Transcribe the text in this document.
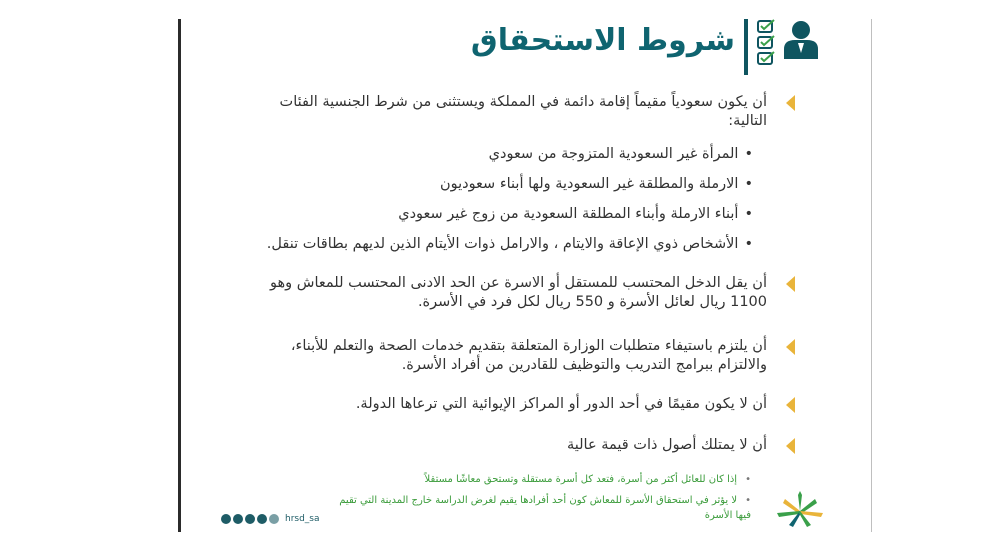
شروط الاستحقاق
أن يكون سعودياً مقيماً إقامة دائمة في المملكة ويستثنى من شرط الجنسية الفئات التالية:
•المرأة غير السعودية المتزوجة من سعودي
•الارملة والمطلقة غير السعودية ولها أبناء سعوديون
•أبناء الارملة وأبناء المطلقة السعودية من زوج غير سعودي
•الأشخاص ذوي الإعاقة والايتام ، والارامل ذوات الأيتام الذين لديهم بطاقات تنقل.
أن يقل الدخل المحتسب للمستقل أو الاسرة عن الحد الادنى المحتسب للمعاش وهو 1100 ريال لعائل الأسرة و 550 ريال لكل فرد في الأسرة.
أن يلتزم باستيفاء متطلبات الوزارة المتعلقة بتقديم خدمات الصحة والتعلم للأبناء، والالتزام ببرامج التدريب والتوظيف للقادرين من أفراد الأسرة.
أن لا يكون مقيمًا في أحد الدور أو المراكز الإيوائية التي ترعاها الدولة.
أن لا يمتلك أصول ذات قيمة عالية
•إذا كان للعائل أكثر من أسرة، فتعد كل أسرة مستقلة وتستحق معاشًا مستقلاً
•لا يؤثر في استحقاق الأسرة للمعاش كون أحد أفرادها يقيم لغرض الدراسة خارج المدينة التي تقيم فيها الأسرة
hrsd_sa
